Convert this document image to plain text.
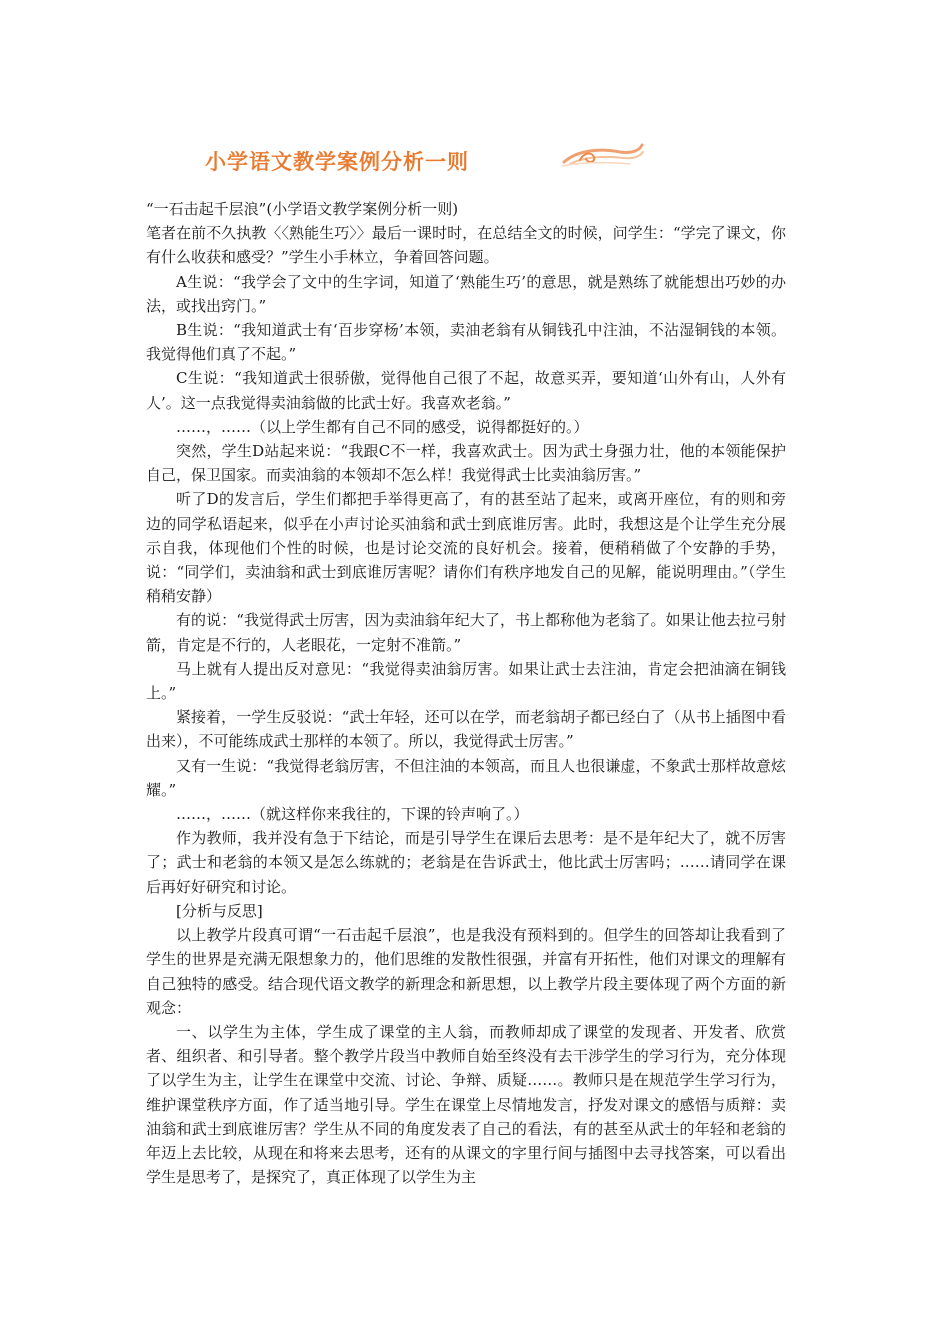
小学语文教学案例分析一则

“一石击起千层浪”(小学语文教学案例分析一则)

笔者在前不久执教〈〈熟能生巧〉〉最后一课时时，在总结全文的时候，问学生：“学完了课文，你有什么收获和感受？”学生小手林立，争着回答问题。

A生说：“我学会了文中的生字词，知道了‘熟能生巧’的意思，就是熟练了就能想出巧妙的办法，或找出窍门。”

B生说：“我知道武士有‘百步穿杨’本领，卖油老翁有从铜钱孔中注油，不沾湿铜钱的本领。我觉得他们真了不起。”

C生说：“我知道武士很骄傲，觉得他自己很了不起，故意买弄，要知道‘山外有山，人外有人’。这一点我觉得卖油翁做的比武士好。我喜欢老翁。”

……，……（以上学生都有自己不同的感受，说得都挺好的。）

突然，学生D站起来说：“我跟C不一样，我喜欢武士。因为武士身强力壮，他的本领能保护自己，保卫国家。而卖油翁的本领却不怎么样！我觉得武士比卖油翁厉害。”

听了D的发言后，学生们都把手举得更高了，有的甚至站了起来，或离开座位，有的则和旁边的同学私语起来，似乎在小声讨论买油翁和武士到底谁厉害。此时，我想这是个让学生充分展示自我，体现他们个性的时候，也是讨论交流的良好机会。接着，便稍稍做了个安静的手势，说：“同学们，卖油翁和武士到底谁厉害呢？请你们有秩序地发自己的见解，能说明理由。”（学生稍稍安静）

有的说：“我觉得武士厉害，因为卖油翁年纪大了，书上都称他为老翁了。如果让他去拉弓射箭，肯定是不行的，人老眼花，一定射不准箭。”

马上就有人提出反对意见：“我觉得卖油翁厉害。如果让武士去注油，肯定会把油滴在铜钱上。”

紧接着，一学生反驳说：“武士年轻，还可以在学，而老翁胡子都已经白了（从书上插图中看出来），不可能练成武士那样的本领了。所以，我觉得武士厉害。”

又有一生说：“我觉得老翁厉害，不但注油的本领高，而且人也很谦虚，不象武士那样故意炫耀。”

……，……（就这样你来我往的，下课的铃声响了。）

作为教师，我并没有急于下结论，而是引导学生在课后去思考：是不是年纪大了，就不厉害了；武士和老翁的本领又是怎么练就的；老翁是在告诉武士，他比武士厉害吗；……请同学在课后再好好研究和讨论。

[分析与反思]

以上教学片段真可谓“一石击起千层浪”，也是我没有预料到的。但学生的回答却让我看到了学生的世界是充满无限想象力的，他们思维的发散性很强，并富有开拓性，他们对课文的理解有自己独特的感受。结合现代语文教学的新理念和新思想，以上教学片段主要体现了两个方面的新观念：

一、以学生为主体，学生成了课堂的主人翁，而教师却成了课堂的发现者、开发者、欣赏者、组织者、和引导者。整个教学片段当中教师自始至终没有去干涉学生的学习行为，充分体现了以学生为主，让学生在课堂中交流、讨论、争辩、质疑……。教师只是在规范学生学习行为，维护课堂秩序方面，作了适当地引导。学生在课堂上尽情地发言，抒发对课文的感悟与质辩：卖油翁和武士到底谁厉害？学生从不同的角度发表了自己的看法，有的甚至从武士的年轻和老翁的年迈上去比较，从现在和将来去思考，还有的从课文的字里行间与插图中去寻找答案，可以看出学生是思考了，是探究了，真正体现了以学生为主
